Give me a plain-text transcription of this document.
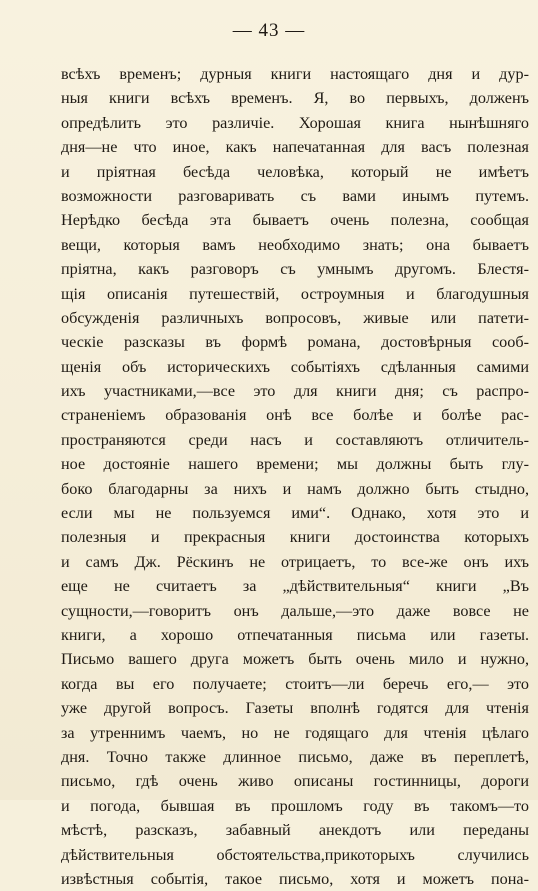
— 43 —
всѣхъ временъ; дурныя книги настоящаго дня и дур-
ныя книги всѣхъ временъ. Я, во первыхъ, долженъ
опредѣлить это различіе. Хорошая книга нынѣшняго
дня—не что иное, какъ напечатанная для васъ полезная
и пріятная бесѣда человѣка, который не имѣетъ
возможности разговаривать съ вами инымъ путемъ.
Нерѣдко бесѣда эта бываетъ очень полезна, сообщая
вещи, которыя вамъ необходимо знать; она бываетъ
пріятна, какъ разговоръ съ умнымъ другомъ. Блестя-
щія описанія путешествій, остроумныя и благодушныя
обсужденія различныхъ вопросовъ, живые или патети-
ческіе разсказы въ формѣ романа, достовѣрныя сооб-
щенія объ историческихъ событіяхъ сдѣланныя самими
ихъ участниками,—все это для книги дня; съ распро-
страненіемъ образованія онѣ все болѣе и болѣе рас-
пространяются среди насъ и составляютъ отличитель-
ное достояніе нашего времени; мы должны быть глу-
боко благодарны за нихъ и намъ должно быть стыдно,
если мы не пользуемся ими“. Однако, хотя это и
полезныя и прекрасныя книги достоинства которыхъ
и самъ Дж. Рёскинъ не отрицаетъ, то все-же онъ ихъ
еще не считаетъ за „дѣйствительныя“ книги „Въ
сущности,—говоритъ онъ дальше,—это даже вовсе не
книги, а хорошо отпечатанныя письма или газеты.
Письмо вашего друга можетъ быть очень мило и нужно,
когда вы его получаете; стоитъ—ли беречь его,— это
уже другой вопросъ. Газеты вполнѣ годятся для чтенія
за утреннимъ чаемъ, но не годящаго для чтенія цѣлаго
дня. Точно также длинное письмо, даже въ переплетѣ,
письмо, гдѣ очень живо описаны гостинницы, дороги
и погода, бывшая въ прошломъ году въ такомъ—то
мѣстѣ, разсказъ, забавный анекдотъ или переданы
дѣйствительныя обстоятельства,прикоторыхъ случились
извѣстныя событія, такое письмо, хотя и можетъ пона-
